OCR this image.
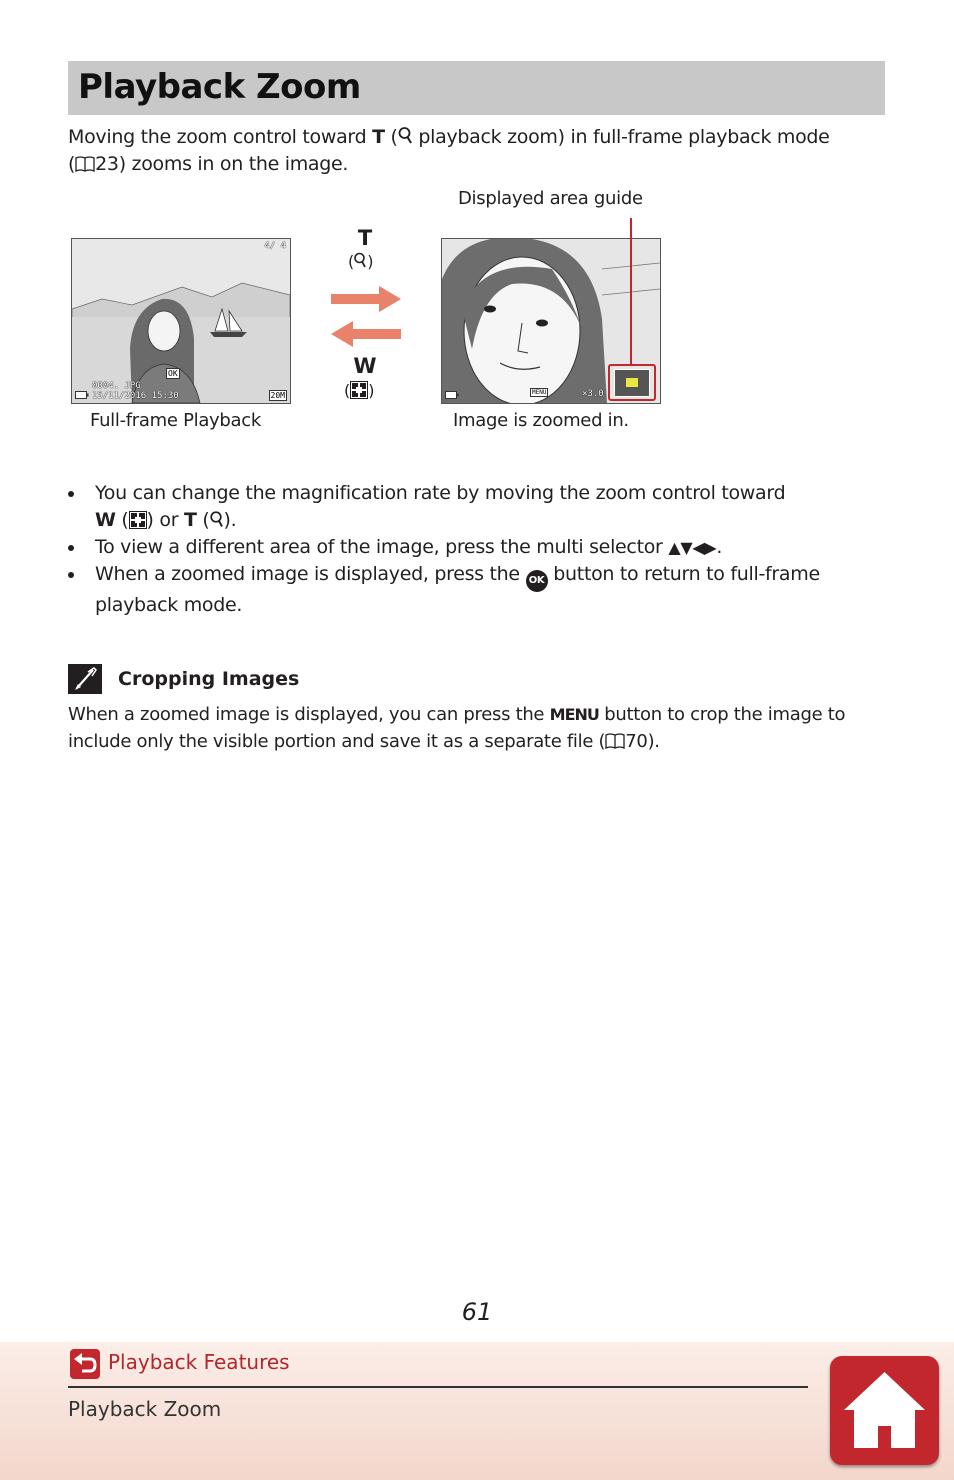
Playback Zoom
Moving the zoom control toward T ( playback zoom) in full-frame playback mode
( 23) zooms in on the image.
Displayed area guide
4/ 4
0004. JPG
15/11/2016 15:30
OK
20M
T
( )
W
( )	MENU	×3.0
Full-frame Playback	Image is zoomed in.
You can change the magnification rate by moving the zoom control toward
W ( ) or T ( ).
To view a different area of the image, press the multi selector ▲▼◀▶.
When a zoomed image is displayed, press the OK button to return to full-frame playback mode.
Cropping Images
When a zoomed image is displayed, you can press the MENU button to crop the image to include only the visible portion and save it as a separate file ( 70).
61
Playback Features
Playback Zoom
